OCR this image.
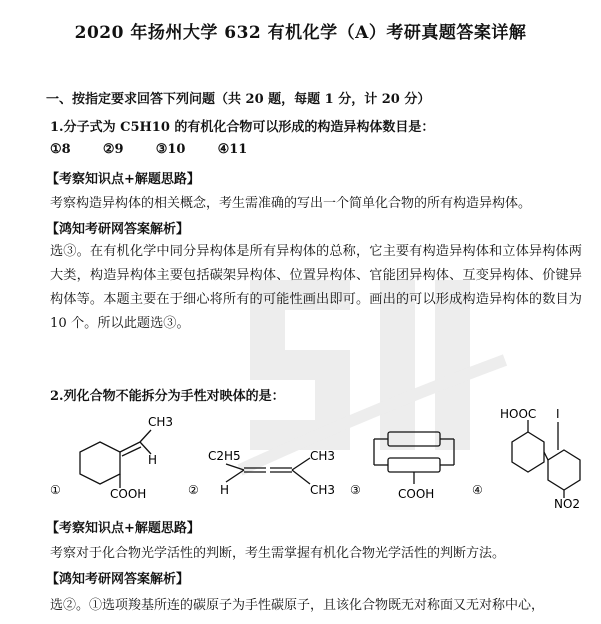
2020 年扬州大学 632 有机化学（A）考研真题答案详解
一、按指定要求回答下列问题（共 20 题，每题 1 分，计 20 分）
1.分子式为 C5H10 的有机化合物可以形成的构造异构体数目是：
①8 ②9 ③10 ④11
【考察知识点+解题思路】
考察构造异构体的相关概念，考生需准确的写出一个简单化合物的所有构造异构体。
【鸿知考研网答案解析】
选③。在有机化学中同分异构体是所有异构体的总称，它主要有构造异构体和立体异构体两大类，构造异构体主要包括碳架异构体、位置异构体、官能团异构体、互变异构体、价键异构体等。本题主要在于细心将所有的可能性画出即可。画出的可以形成构造异构体的数目为 10 个。所以此题选③。
2.列化合物不能拆分为手性对映体的是：
①
CH3
H
COOH	②
C2H5
H
CH3
CH3 ③	COOH	④
HOOC I
NO2
【考察知识点+解题思路】
考察对于化合物光学活性的判断，考生需掌握有机化合物光学活性的判断方法。
【鸿知考研网答案解析】
选②。①选项羧基所连的碳原子为手性碳原子，且该化合物既无对称面又无对称中心，
